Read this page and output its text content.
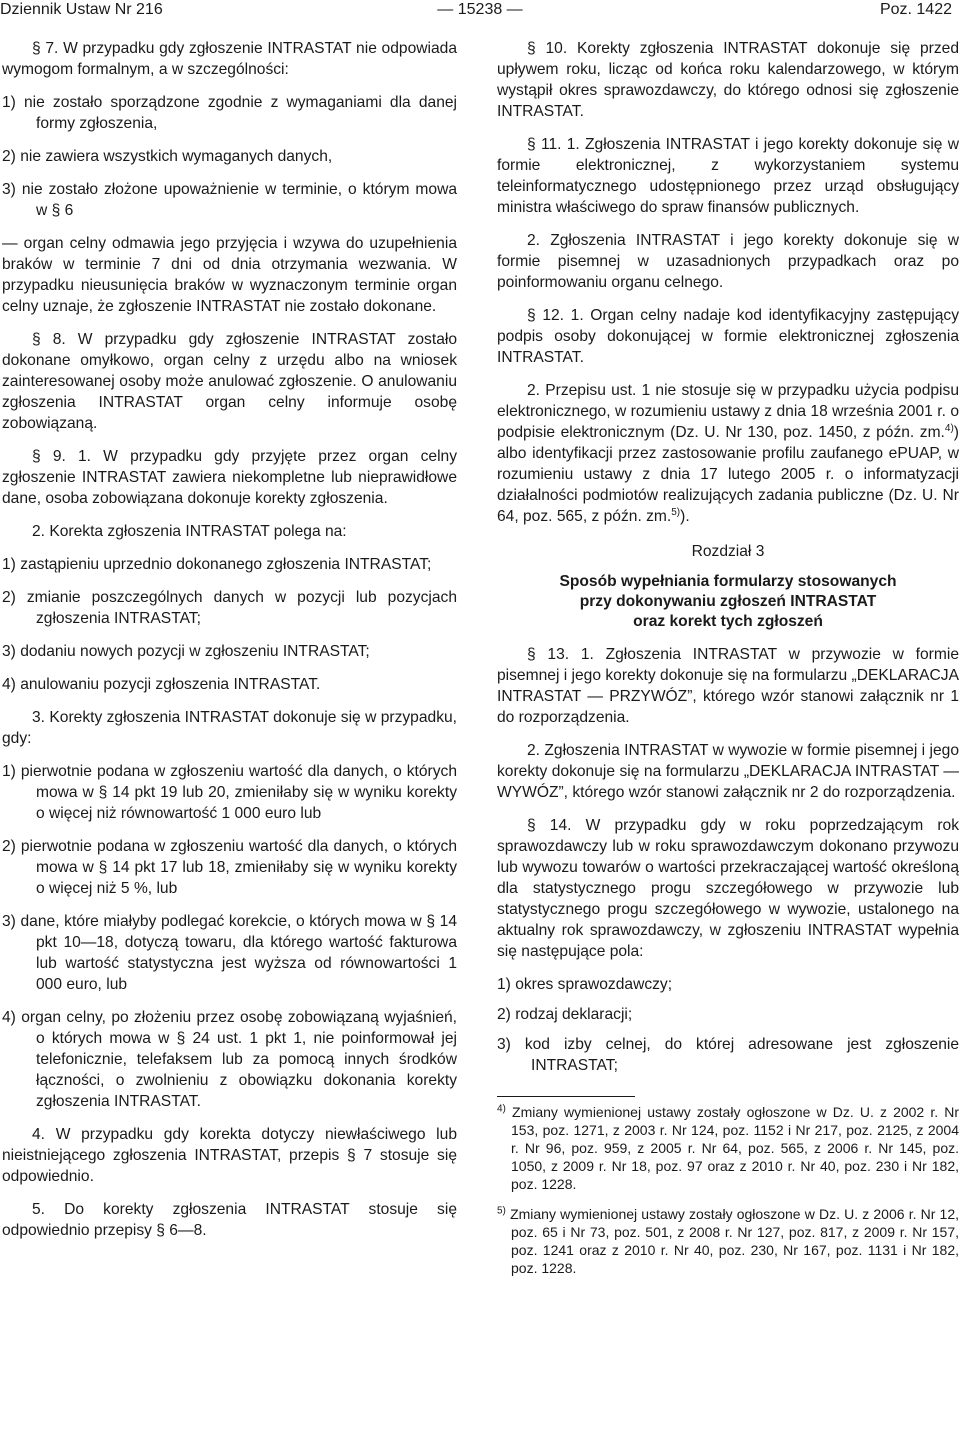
Dziennik Ustaw Nr 216	— 15238 —	Poz. 1422

§ 7. W przypadku gdy zgłoszenie INTRASTAT nie odpowiada wymogom formalnym, a w szczególności:

1) nie zostało sporządzone zgodnie z wymaganiami dla danej formy zgłoszenia,

2) nie zawiera wszystkich wymaganych danych,

3) nie zostało złożone upoważnienie w terminie, o którym mowa w § 6

— organ celny odmawia jego przyjęcia i wzywa do uzupełnienia braków w terminie 7 dni od dnia otrzymania wezwania. W przypadku nieusunięcia braków w wyznaczonym terminie organ celny uznaje, że zgłoszenie INTRASTAT nie zostało dokonane.

§ 8. W przypadku gdy zgłoszenie INTRASTAT zostało dokonane omyłkowo, organ celny z urzędu albo na wniosek zainteresowanej osoby może anulować zgłoszenie. O anulowaniu zgłoszenia INTRASTAT organ celny informuje osobę zobowiązaną.

§ 9. 1. W przypadku gdy przyjęte przez organ celny zgłoszenie INTRASTAT zawiera niekompletne lub nieprawidłowe dane, osoba zobowiązana dokonuje korekty zgłoszenia.

2. Korekta zgłoszenia INTRASTAT polega na:

1) zastąpieniu uprzednio dokonanego zgłoszenia INTRASTAT;

2) zmianie poszczególnych danych w pozycji lub pozycjach zgłoszenia INTRASTAT;

3) dodaniu nowych pozycji w zgłoszeniu INTRASTAT;

4) anulowaniu pozycji zgłoszenia INTRASTAT.

3. Korekty zgłoszenia INTRASTAT dokonuje się w przypadku, gdy:

1) pierwotnie podana w zgłoszeniu wartość dla danych, o których mowa w § 14 pkt 19 lub 20, zmieniłaby się w wyniku korekty o więcej niż równowartość 1 000 euro lub

2) pierwotnie podana w zgłoszeniu wartość dla danych, o których mowa w § 14 pkt 17 lub 18, zmieniłaby się w wyniku korekty o więcej niż 5 %, lub

3) dane, które miałyby podlegać korekcie, o których mowa w § 14 pkt 10—18, dotyczą towaru, dla którego wartość fakturowa lub wartość statystyczna jest wyższa od równowartości 1 000 euro, lub

4) organ celny, po złożeniu przez osobę zobowiązaną wyjaśnień, o których mowa w § 24 ust. 1 pkt 1, nie poinformował jej telefonicznie, telefaksem lub za pomocą innych środków łączności, o zwolnieniu z obowiązku dokonania korekty zgłoszenia INTRASTAT.

4. W przypadku gdy korekta dotyczy niewłaściwego lub nieistniejącego zgłoszenia INTRASTAT, przepis § 7 stosuje się odpowiednio.

5. Do korekty zgłoszenia INTRASTAT stosuje się odpowiednio przepisy § 6—8.

§ 10. Korekty zgłoszenia INTRASTAT dokonuje się przed upływem roku, licząc od końca roku kalendarzowego, w którym wystąpił okres sprawozdawczy, do którego odnosi się zgłoszenie INTRASTAT.

§ 11. 1. Zgłoszenia INTRASTAT i jego korekty dokonuje się w formie elektronicznej, z wykorzystaniem systemu teleinformatycznego udostępnionego przez urząd obsługujący ministra właściwego do spraw finansów publicznych.

2. Zgłoszenia INTRASTAT i jego korekty dokonuje się w formie pisemnej w uzasadnionych przypadkach oraz po poinformowaniu organu celnego.

§ 12. 1. Organ celny nadaje kod identyfikacyjny zastępujący podpis osoby dokonującej w formie elektronicznej zgłoszenia INTRASTAT.

2. Przepisu ust. 1 nie stosuje się w przypadku użycia podpisu elektronicznego, w rozumieniu ustawy z dnia 18 września 2001 r. o podpisie elektronicznym (Dz. U. Nr 130, poz. 1450, z późn. zm.$^{4)}$) albo identyfikacji przez zastosowanie profilu zaufanego ePUAP, w rozumieniu ustawy z dnia 17 lutego 2005 r. o informatyzacji działalności podmiotów realizujących zadania publiczne (Dz. U. Nr 64, poz. 565, z późn. zm.$^{5)}$).

Rozdział 3
Sposób wypełniania formularzy stosowanych
przy dokonywaniu zgłoszeń INTRASTAT
oraz korekt tych zgłoszeń

§ 13. 1. Zgłoszenia INTRASTAT w przywozie w formie pisemnej i jego korekty dokonuje się na formularzu „DEKLARACJA INTRASTAT — PRZYWÓZ”, którego wzór stanowi załącznik nr 1 do rozporządzenia.

2. Zgłoszenia INTRASTAT w wywozie w formie pisemnej i jego korekty dokonuje się na formularzu „DEKLARACJA INTRASTAT — WYWÓZ”, którego wzór stanowi załącznik nr 2 do rozporządzenia.

§ 14. W przypadku gdy w roku poprzedzającym rok sprawozdawczy lub w roku sprawozdawczym dokonano przywozu lub wywozu towarów o wartości przekraczającej wartość określoną dla statystycznego progu szczegółowego w przywozie lub statystycznego progu szczegółowego w wywozie, ustalonego na aktualny rok sprawozdawczy, w zgłoszeniu INTRASTAT wypełnia się następujące pola:

1) okres sprawozdawczy;

2) rodzaj deklaracji;

3) kod izby celnej, do której adresowane jest zgłoszenie INTRASTAT;

$^{4)}$ Zmiany wymienionej ustawy zostały ogłoszone w Dz. U. z 2002 r. Nr 153, poz. 1271, z 2003 r. Nr 124, poz. 1152 i Nr 217, poz. 2125, z 2004 r. Nr 96, poz. 959, z 2005 r. Nr 64, poz. 565, z 2006 r. Nr 145, poz. 1050, z 2009 r. Nr 18, poz. 97 oraz z 2010 r. Nr 40, poz. 230 i Nr 182, poz. 1228.

$^{5)}$ Zmiany wymienionej ustawy zostały ogłoszone w Dz. U. z 2006 r. Nr 12, poz. 65 i Nr 73, poz. 501, z 2008 r. Nr 127, poz. 817, z 2009 r. Nr 157, poz. 1241 oraz z 2010 r. Nr 40, poz. 230, Nr 167, poz. 1131 i Nr 182, poz. 1228.
